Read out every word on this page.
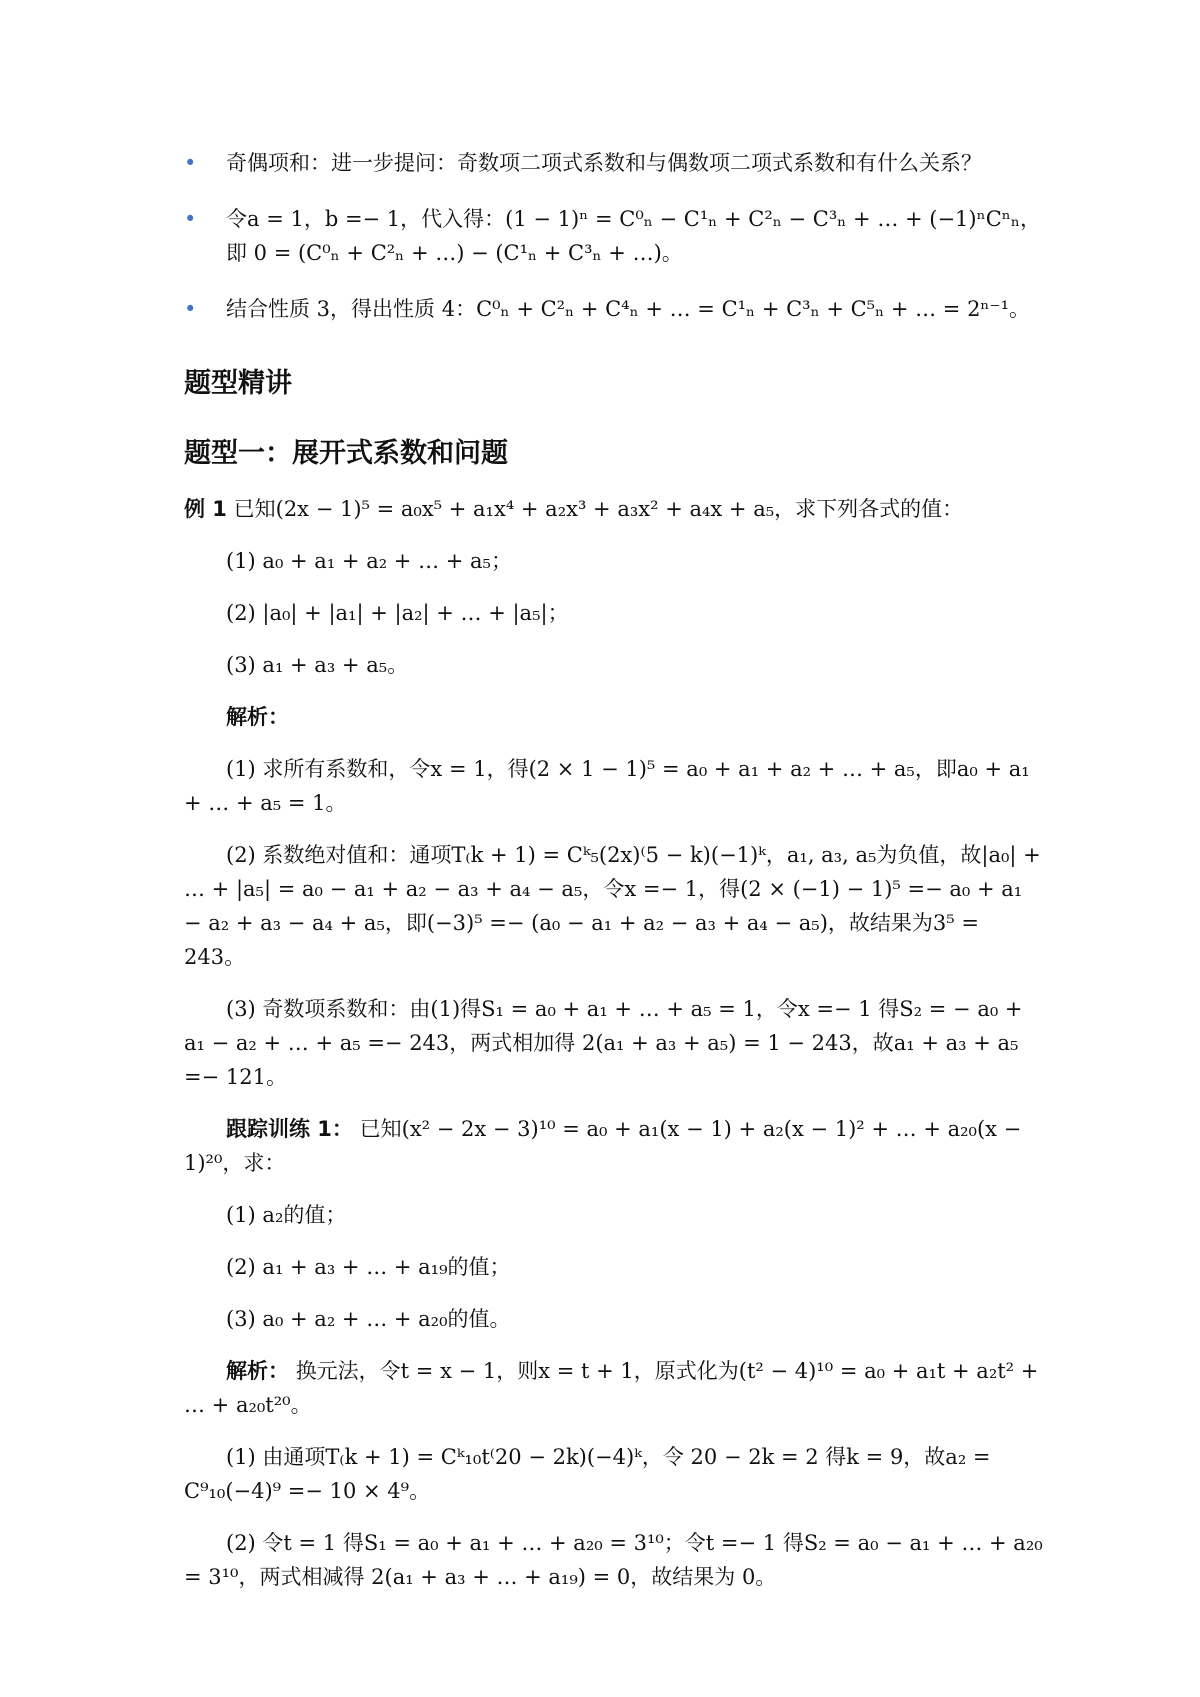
• 奇偶项和：进一步提问：奇数项二项式系数和与偶数项二项式系数和有什么关系？
• 令a = 1，b =− 1，代入得：(1 − 1)ⁿ = C⁰ₙ − C¹ₙ + C²ₙ − C³ₙ + … + (−1)ⁿCⁿₙ，即 0 = (C⁰ₙ + C²ₙ + …) − (C¹ₙ + C³ₙ + …)。
• 结合性质 3，得出性质 4：C⁰ₙ + C²ₙ + C⁴ₙ + … = C¹ₙ + C³ₙ + C⁵ₙ + … = 2ⁿ⁻¹。
题型精讲
题型一：展开式系数和问题

例 1 已知(2x − 1)⁵ = a₀x⁵ + a₁x⁴ + a₂x³ + a₃x² + a₄x + a₅，求下列各式的值：

(1) a₀ + a₁ + a₂ + … + a₅；

(2) |a₀| + |a₁| + |a₂| + … + |a₅|；

(3) a₁ + a₃ + a₅。

解析：

(1) 求所有系数和，令x = 1，得(2 × 1 − 1)⁵ = a₀ + a₁ + a₂ + … + a₅，即a₀ + a₁ + … + a₅ = 1。

(2) 系数绝对值和：通项T₍k + 1) = Cᵏ₅(2x)⁽5 − k)(−1)ᵏ，a₁, a₃, a₅为负值，故|a₀| + … + |a₅| = a₀ − a₁ + a₂ − a₃ + a₄ − a₅，令x =− 1，得(2 × (−1) − 1)⁵ =− a₀ + a₁ − a₂ + a₃ − a₄ + a₅，即(−3)⁵ =− (a₀ − a₁ + a₂ − a₃ + a₄ − a₅)，故结果为3⁵ = 243。

(3) 奇数项系数和：由(1)得S₁ = a₀ + a₁ + … + a₅ = 1，令x =− 1 得S₂ = − a₀ + a₁ − a₂ + … + a₅ =− 243，两式相加得 2(a₁ + a₃ + a₅) = 1 − 243，故a₁ + a₃ + a₅ =− 121。

跟踪训练 1： 已知(x² − 2x − 3)¹⁰ = a₀ + a₁(x − 1) + a₂(x − 1)² + … + a₂₀(x − 1)²⁰，求：

(1) a₂的值；

(2) a₁ + a₃ + … + a₁₉的值；

(3) a₀ + a₂ + … + a₂₀的值。

解析： 换元法，令t = x − 1，则x = t + 1，原式化为(t² − 4)¹⁰ = a₀ + a₁t + a₂t² + … + a₂₀t²⁰。

(1) 由通项T₍k + 1) = Cᵏ₁₀t⁽20 − 2k)(−4)ᵏ，令 20 − 2k = 2 得k = 9，故a₂ = C⁹₁₀(−4)⁹ =− 10 × 4⁹。

(2) 令t = 1 得S₁ = a₀ + a₁ + … + a₂₀ = 3¹⁰；令t =− 1 得S₂ = a₀ − a₁ + … + a₂₀ = 3¹⁰，两式相减得 2(a₁ + a₃ + … + a₁₉) = 0，故结果为 0。
